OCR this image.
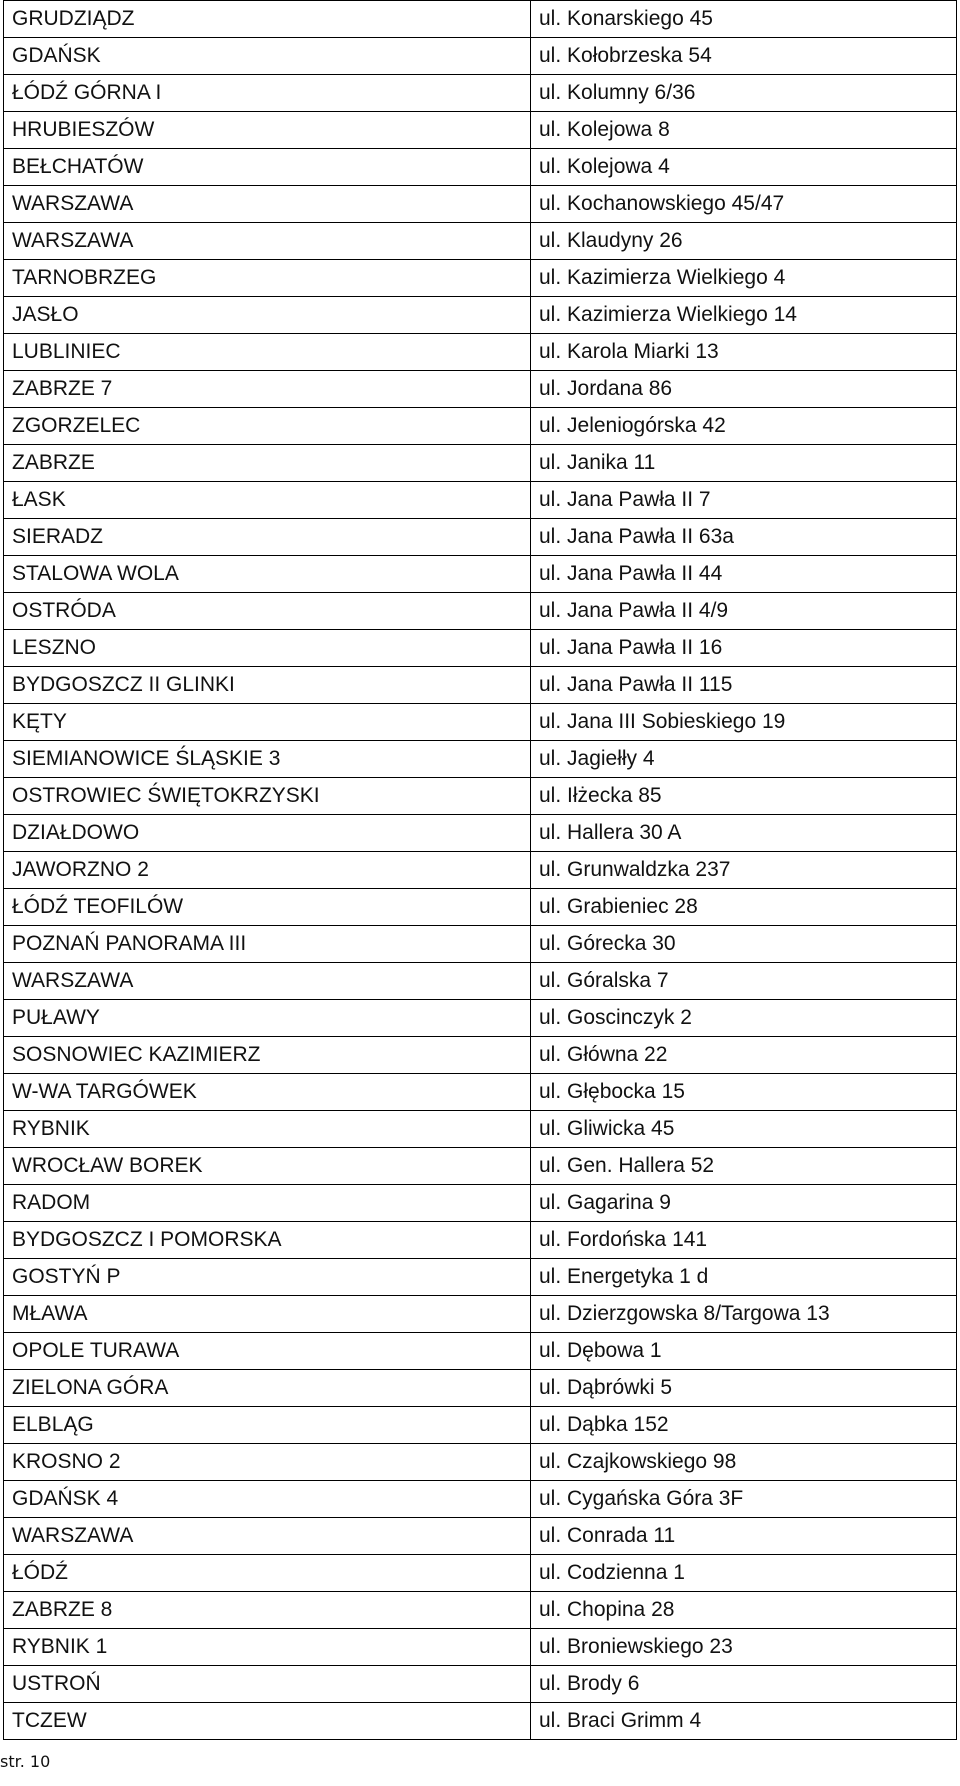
GRUDZIĄDZ	ul. Konarskiego 45
GDAŃSK	ul. Kołobrzeska 54
ŁÓDŹ GÓRNA I	ul. Kolumny 6/36
HRUBIESZÓW	ul. Kolejowa 8
BEŁCHATÓW	ul. Kolejowa 4
WARSZAWA	ul. Kochanowskiego 45/47
WARSZAWA	ul. Klaudyny 26
TARNOBRZEG	ul. Kazimierza Wielkiego 4
JASŁO	ul. Kazimierza Wielkiego 14
LUBLINIEC	ul. Karola Miarki 13
ZABRZE 7	ul. Jordana 86
ZGORZELEC	ul. Jeleniogórska 42
ZABRZE	ul. Janika 11
ŁASK	ul. Jana Pawła II 7
SIERADZ	ul. Jana Pawła II 63a
STALOWA WOLA	ul. Jana Pawła II 44
OSTRÓDA	ul. Jana Pawła II 4/9
LESZNO	ul. Jana Pawła II 16
BYDGOSZCZ II GLINKI	ul. Jana Pawła II 115
KĘTY	ul. Jana III Sobieskiego 19
SIEMIANOWICE ŚLĄSKIE 3	ul. Jagiełły 4
OSTROWIEC ŚWIĘTOKRZYSKI	ul. Iłżecka 85
DZIAŁDOWO	ul. Hallera 30 A
JAWORZNO 2	ul. Grunwaldzka 237
ŁÓDŹ TEOFILÓW	ul. Grabieniec 28
POZNAŃ PANORAMA III	ul. Górecka 30
WARSZAWA	ul. Góralska 7
PUŁAWY	ul. Goscinczyk 2
SOSNOWIEC KAZIMIERZ	ul. Główna 22
W-WA TARGÓWEK	ul. Głębocka 15
RYBNIK	ul. Gliwicka 45
WROCŁAW BOREK	ul. Gen. Hallera 52
RADOM	ul. Gagarina 9
BYDGOSZCZ I POMORSKA	ul. Fordońska 141
GOSTYŃ P	ul. Energetyka 1 d
MŁAWA	ul. Dzierzgowska 8/Targowa 13
OPOLE TURAWA	ul. Dębowa 1
ZIELONA GÓRA	ul. Dąbrówki 5
ELBLĄG	ul. Dąbka 152
KROSNO 2	ul. Czajkowskiego 98
GDAŃSK 4	ul. Cygańska Góra 3F
WARSZAWA	ul. Conrada 11
ŁÓDŹ	ul. Codzienna 1
ZABRZE 8	ul. Chopina 28
RYBNIK 1	ul. Broniewskiego 23
USTROŃ	ul. Brody 6
TCZEW	ul. Braci Grimm 4
str. 10
